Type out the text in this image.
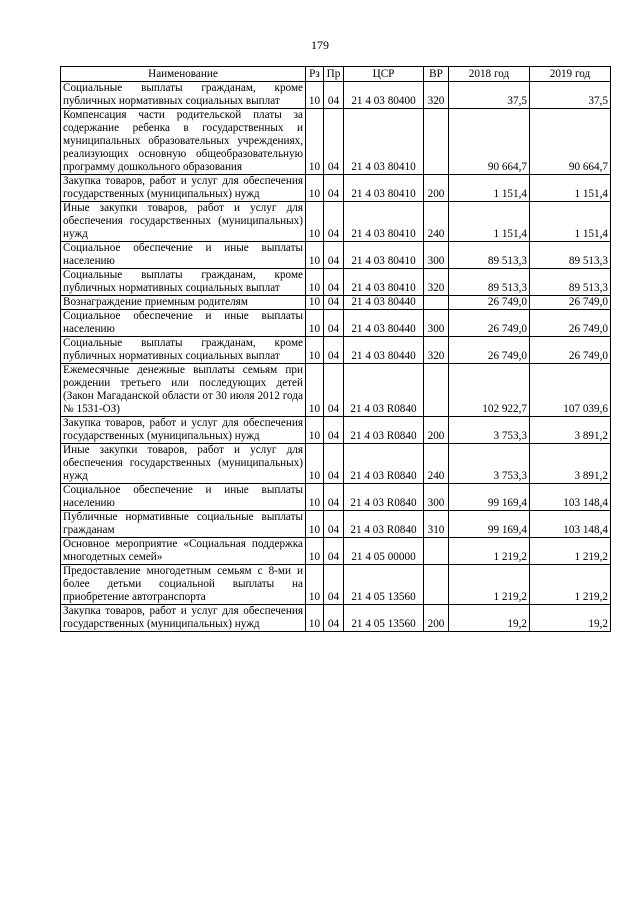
179
Наименование	Рз	Пр	ЦСР	ВР	2018 год	2019 год
Социальные выплаты гражданам, кроме публичных нормативных социальных выплат	10	04	21 4 03 80400	320	37,5	37,5
Компенсация части родительской платы за содержание ребенка в государственных и муниципальных образовательных учреждениях, реализующих основную общеобразовательную программу дошкольного образования	10	04	21 4 03 80410		90 664,7	90 664,7
Закупка товаров, работ и услуг для обеспечения государственных (муниципальных) нужд	10	04	21 4 03 80410	200	1 151,4	1 151,4
Иные закупки товаров, работ и услуг для обеспечения государственных (муниципальных) нужд	10	04	21 4 03 80410	240	1 151,4	1 151,4
Социальное обеспечение и иные выплаты населению	10	04	21 4 03 80410	300	89 513,3	89 513,3
Социальные выплаты гражданам, кроме публичных нормативных социальных выплат	10	04	21 4 03 80410	320	89 513,3	89 513,3
Вознаграждение приемным родителям	10	04	21 4 03 80440		26 749,0	26 749,0
Социальное обеспечение и иные выплаты населению	10	04	21 4 03 80440	300	26 749,0	26 749,0
Социальные выплаты гражданам, кроме публичных нормативных социальных выплат	10	04	21 4 03 80440	320	26 749,0	26 749,0
Ежемесячные денежные выплаты семьям при рождении третьего или последующих детей (Закон Магаданской области от 30 июля 2012 года № 1531-ОЗ)	10	04	21 4 03 R0840		102 922,7	107 039,6
Закупка товаров, работ и услуг для обеспечения государственных (муниципальных) нужд	10	04	21 4 03 R0840	200	3 753,3	3 891,2
Иные закупки товаров, работ и услуг для обеспечения государственных (муниципальных) нужд	10	04	21 4 03 R0840	240	3 753,3	3 891,2
Социальное обеспечение и иные выплаты населению	10	04	21 4 03 R0840	300	99 169,4	103 148,4
Публичные нормативные социальные выплаты гражданам	10	04	21 4 03 R0840	310	99 169,4	103 148,4
Основное мероприятие «Социальная поддержка многодетных семей»	10	04	21 4 05 00000		1 219,2	1 219,2
Предоставление многодетным семьям с 8-ми и более детьми социальной выплаты на приобретение автотранспорта	10	04	21 4 05 13560		1 219,2	1 219,2
Закупка товаров, работ и услуг для обеспечения государственных (муниципальных) нужд	10	04	21 4 05 13560	200	19,2	19,2
